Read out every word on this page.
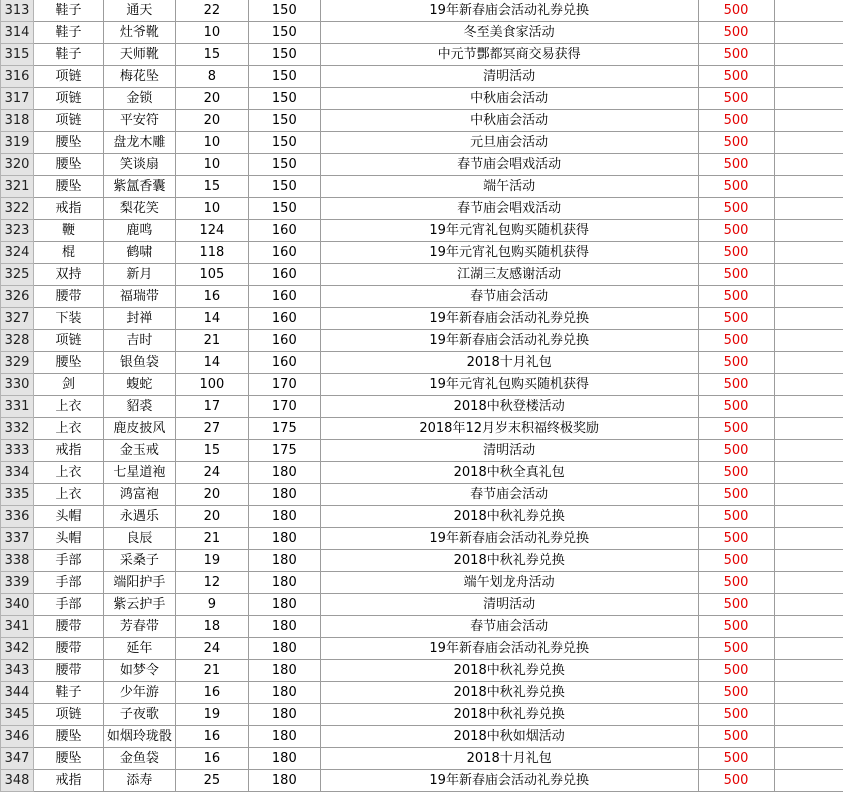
313	鞋子	通天	22	150	19年新春庙会活动礼券兑换	500	
314	鞋子	灶爷靴	10	150	冬至美食家活动	500	
315	鞋子	天师靴	15	150	中元节酆都冥商交易获得	500	
316	项链	梅花坠	8	150	清明活动	500	
317	项链	金锁	20	150	中秋庙会活动	500	
318	项链	平安符	20	150	中秋庙会活动	500	
319	腰坠	盘龙木雕	10	150	元旦庙会活动	500	
320	腰坠	笑谈扇	10	150	春节庙会唱戏活动	500	
321	腰坠	紫氲香囊	15	150	端午活动	500	
322	戒指	梨花笑	10	150	春节庙会唱戏活动	500	
323	鞭	鹿鸣	124	160	19年元宵礼包购买随机获得	500	
324	棍	鹤啸	118	160	19年元宵礼包购买随机获得	500	
325	双持	新月	105	160	江湖三友感谢活动	500	
326	腰带	福瑞带	16	160	春节庙会活动	500	
327	下装	封禅	14	160	19年新春庙会活动礼券兑换	500	
328	项链	吉时	21	160	19年新春庙会活动礼券兑换	500	
329	腰坠	银鱼袋	14	160	2018十月礼包	500	
330	剑	蝮蛇	100	170	19年元宵礼包购买随机获得	500	
331	上衣	貂裘	17	170	2018中秋登楼活动	500	
332	上衣	鹿皮披风	27	175	2018年12月岁末积福终极奖励	500	
333	戒指	金玉戒	15	175	清明活动	500	
334	上衣	七星道袍	24	180	2018中秋全真礼包	500	
335	上衣	鸿富袍	20	180	春节庙会活动	500	
336	头帽	永遇乐	20	180	2018中秋礼券兑换	500	
337	头帽	良辰	21	180	19年新春庙会活动礼券兑换	500	
338	手部	采桑子	19	180	2018中秋礼券兑换	500	
339	手部	端阳护手	12	180	端午划龙舟活动	500	
340	手部	紫云护手	9	180	清明活动	500	
341	腰带	芳春带	18	180	春节庙会活动	500	
342	腰带	延年	24	180	19年新春庙会活动礼券兑换	500	
343	腰带	如梦令	21	180	2018中秋礼券兑换	500	
344	鞋子	少年游	16	180	2018中秋礼券兑换	500	
345	项链	子夜歌	19	180	2018中秋礼券兑换	500	
346	腰坠	如烟玲珑骰	16	180	2018中秋如烟活动	500	
347	腰坠	金鱼袋	16	180	2018十月礼包	500	
348	戒指	添寿	25	180	19年新春庙会活动礼券兑换	500	
